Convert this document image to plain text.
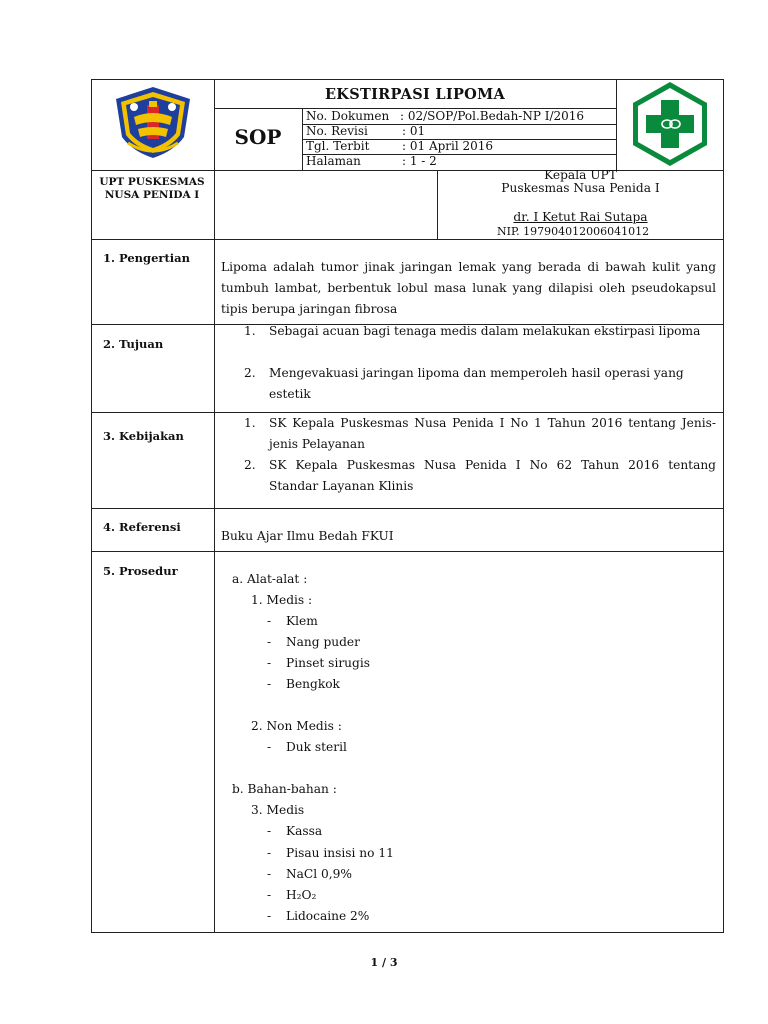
EKSTIRPASI LIPOMA
SOP
No. Dokumen : 02/SOP/Pol.Bedah-NP I/2016
No. Revisi	: 01
Tgl. Terbit	: 01 April 2016
Halaman	: 1 - 2
UPT PUSKESMAS NUSA PENIDA I
Kepala UPT
Puskesmas Nusa Penida I
dr. I Ketut Rai Sutapa
NIP. 197904012006041012
1. Pengertian
Lipoma adalah tumor jinak jaringan lemak yang berada di bawah kulit yang tumbuh lambat, berbentuk lobul masa lunak yang dilapisi oleh pseudokapsul tipis berupa jaringan fibrosa
2. Tujuan
1. Sebagai acuan bagi tenaga medis dalam melakukan ekstirpasi lipoma
2. Mengevakuasi jaringan lipoma dan memperoleh hasil operasi yang estetik
3. Kebijakan
1. SK Kepala Puskesmas Nusa Penida I No 1 Tahun 2016 tentang Jenis- jenis Pelayanan
2. SK Kepala Puskesmas Nusa Penida I No 62 Tahun 2016 tentang Standar Layanan Klinis
4. Referensi
Buku Ajar Ilmu Bedah FKUI
5. Prosedur
a. Alat-alat :
1. Medis :
- Klem
- Nang puder
- Pinset sirugis
- Bengkok
2. Non Medis :
- Duk steril
b. Bahan-bahan :
3. Medis
- Kassa
- Pisau insisi no 11
- NaCl 0,9%
- H₂O₂
- Lidocaine 2%
1 / 3
